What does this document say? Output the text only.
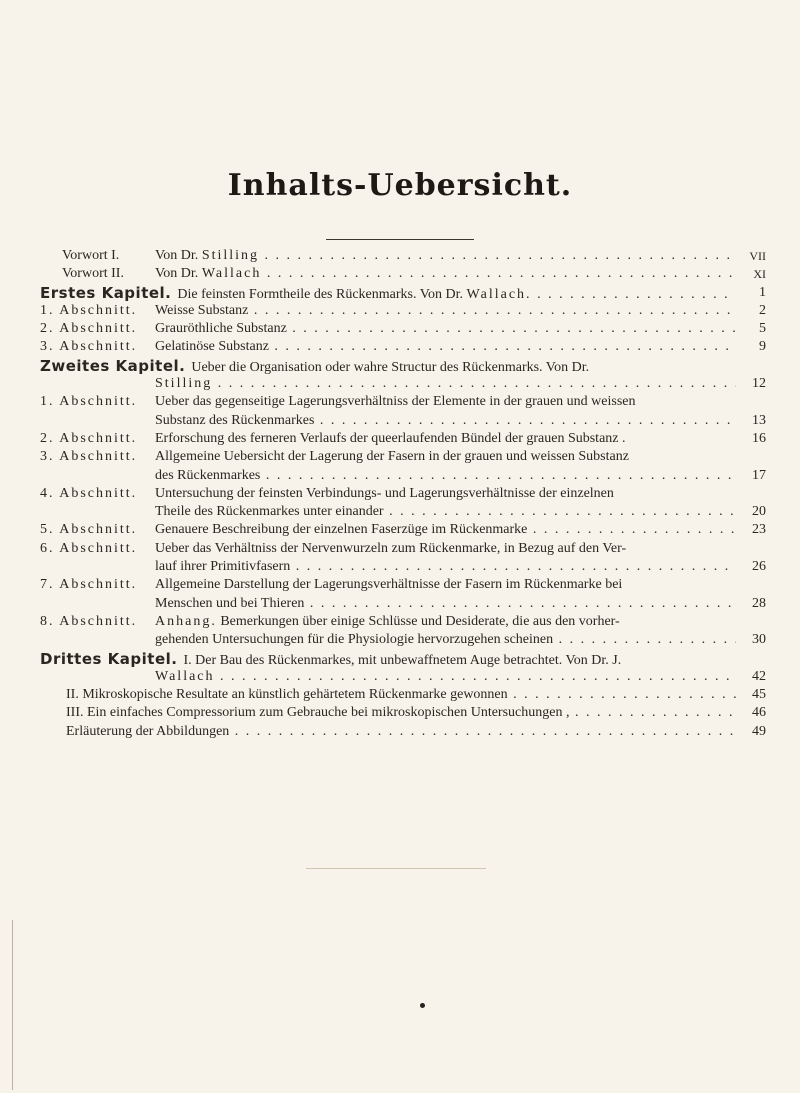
Inhalts-Uebersicht.
Vorwort I.	Von Dr. Stilling . . .	VII
Vorwort II. Von Dr. Wallach . . .	XI
Erstes Kapitel. Die feinsten Formtheile des Rückenmarks. Von Dr. Wallach. . . .	1
1. Abschnitt. Weisse Substanz . . .	2
2. Abschnitt. Grauröthliche Substanz . . .	5
3. Abschnitt. Gelatinöse Substanz . . .	9
Zweites Kapitel. Ueber die Organisation oder wahre Structur des Rückenmarks. Von Dr.
Stilling . . .	12
1. Abschnitt. Ueber das gegenseitige Lagerungsverhältniss der Elemente in der grauen und weissen
Substanz des Rückenmarkes . . .	13
2. Abschnitt. Erforschung des ferneren Verlaufs der queerlaufenden Bündel der grauen Substanz .	16
3. Abschnitt. Allgemeine Uebersicht der Lagerung der Fasern in der grauen und weissen Substanz
des Rückenmarkes . . .	17
4. Abschnitt. Untersuchung der feinsten Verbindungs- und Lagerungsverhältnisse der einzelnen
Theile des Rückenmarkes unter einander . . .	20
5. Abschnitt. Genauere Beschreibung der einzelnen Faserzüge im Rückenmarke . . .	23
6. Abschnitt. Ueber das Verhältniss der Nervenwurzeln zum Rückenmarke, in Bezug auf den Ver-
lauf ihrer Primitivfasern . . .	26
7. Abschnitt. Allgemeine Darstellung der Lagerungsverhältnisse der Fasern im Rückenmarke bei
Menschen und bei Thieren . . .	28
8. Abschnitt. Anhang. Bemerkungen über einige Schlüsse und Desiderate, die aus den vorher-
gehenden Untersuchungen für die Physiologie hervorzugehen scheinen . . .	30
Drittes Kapitel. I. Der Bau des Rückenmarkes, mit unbewaffnetem Auge betrachtet. Von Dr. J.
Wallach . . .	42
II. Mikroskopische Resultate an künstlich gehärtetem Rückenmarke gewonnen . . .	45
III. Ein einfaches Compressorium zum Gebrauche bei mikroskopischen Untersuchungen , . . .	46
Erläuterung der Abbildungen . . .	49
